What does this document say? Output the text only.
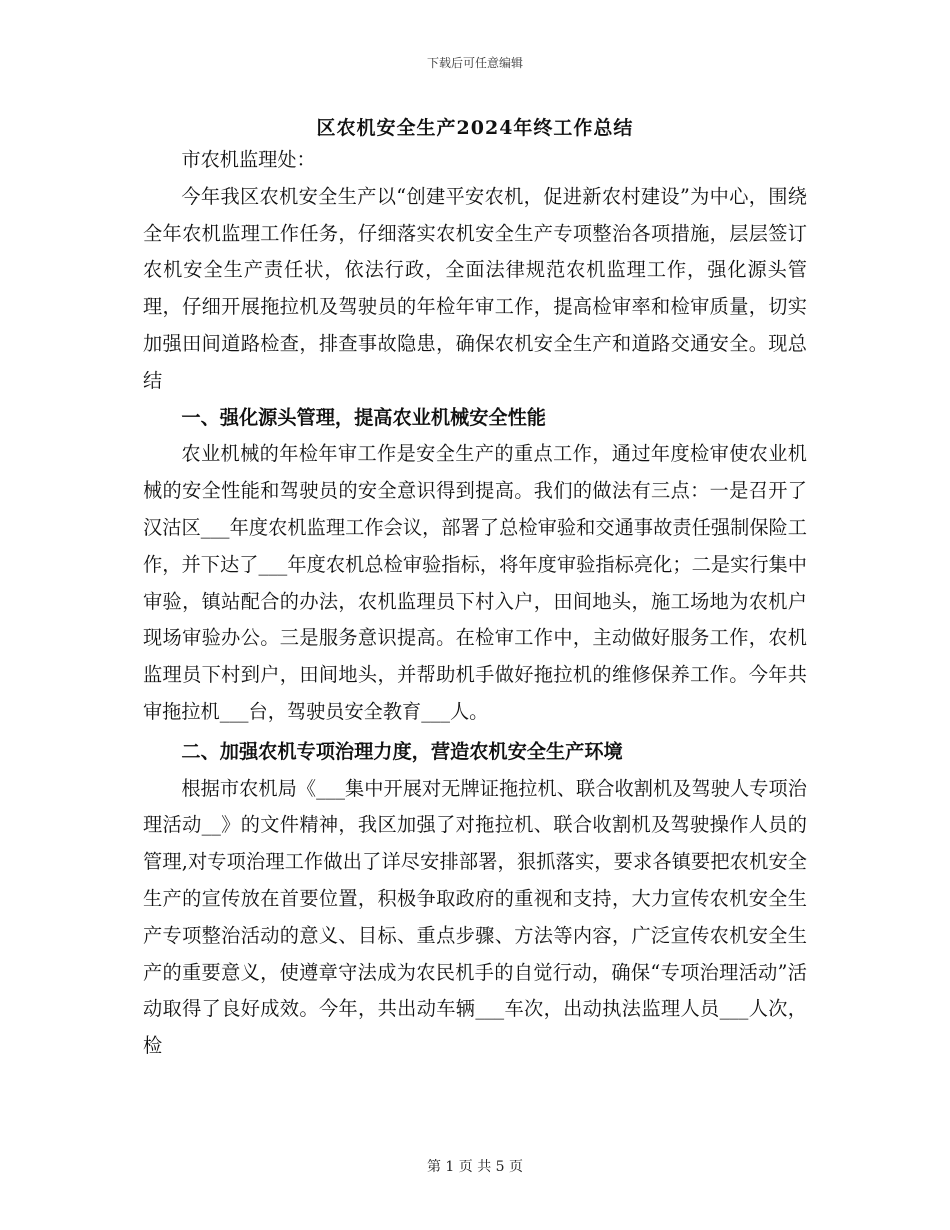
下载后可任意编辑
区农机安全生产2024年终工作总结

市农机监理处：

今年我区农机安全生产以“创建平安农机，促进新农村建设”为中心，围绕全年农机监理工作任务，仔细落实农机安全生产专项整治各项措施，层层签订农机安全生产责任状，依法行政，全面法律规范农机监理工作，强化源头管理，仔细开展拖拉机及驾驶员的年检年审工作，提高检审率和检审质量，切实加强田间道路检查，排查事故隐患，确保农机安全生产和道路交通安全。现总结

一、强化源头管理，提高农业机械安全性能

农业机械的年检年审工作是安全生产的重点工作，通过年度检审使农业机械的安全性能和驾驶员的安全意识得到提高。我们的做法有三点：一是召开了汉沽区___年度农机监理工作会议，部署了总检审验和交通事故责任强制保险工作，并下达了___年度农机总检审验指标，将年度审验指标亮化；二是实行集中审验，镇站配合的办法，农机监理员下村入户，田间地头，施工场地为农机户现场审验办公。三是服务意识提高。在检审工作中，主动做好服务工作，农机监理员下村到户，田间地头，并帮助机手做好拖拉机的维修保养工作。今年共审拖拉机___台，驾驶员安全教育___人。

二、加强农机专项治理力度，营造农机安全生产环境

根据市农机局《___集中开展对无牌证拖拉机、联合收割机及驾驶人专项治理活动__》的文件精神，我区加强了对拖拉机、联合收割机及驾驶操作人员的管理,对专项治理工作做出了详尽安排部署，狠抓落实，要求各镇要把农机安全生产的宣传放在首要位置，积极争取政府的重视和支持，大力宣传农机安全生产专项整治活动的意义、目标、重点步骤、方法等内容，广泛宣传农机安全生产的重要意义，使遵章守法成为农民机手的自觉行动，确保“专项治理活动”活动取得了良好成效。今年，共出动车辆___车次，出动执法监理人员___人次，检

第 1 页 共 5 页
